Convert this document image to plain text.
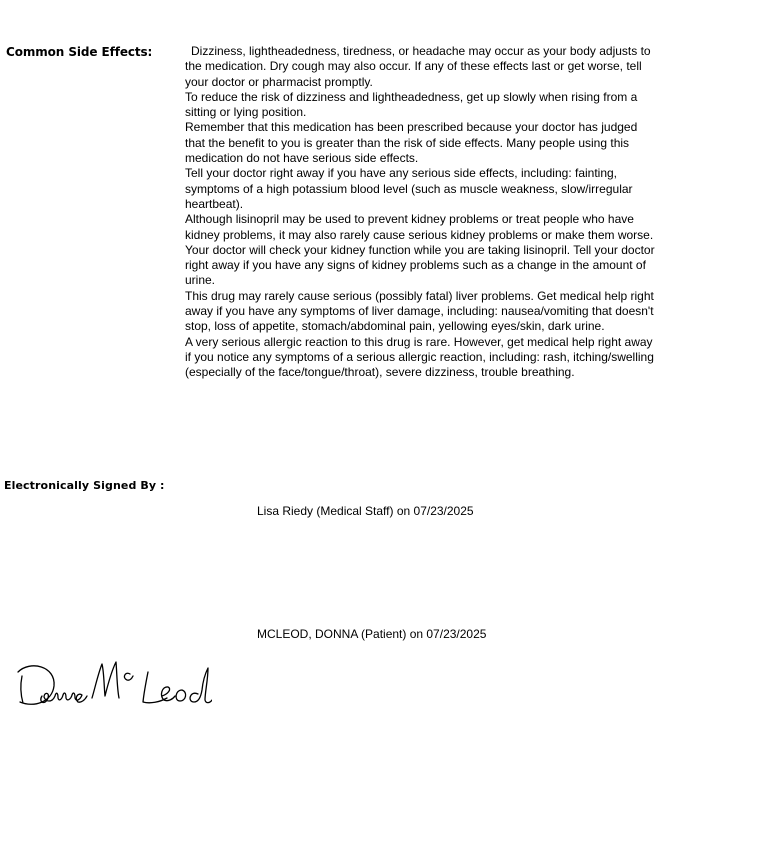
Common Side Effects:	Dizziness, lightheadedness, tiredness, or headache may occur as your body adjusts to the medication. Dry cough may also occur. If any of these effects last or get worse, tell your doctor or pharmacist promptly.

To reduce the risk of dizziness and lightheadedness, get up slowly when rising from a sitting or lying position.

Remember that this medication has been prescribed because your doctor has judged that the benefit to you is greater than the risk of side effects. Many people using this medication do not have serious side effects.

Tell your doctor right away if you have any serious side effects, including: fainting, symptoms of a high potassium blood level (such as muscle weakness, slow/irregular heartbeat).

Although lisinopril may be used to prevent kidney problems or treat people who have kidney problems, it may also rarely cause serious kidney problems or make them worse. Your doctor will check your kidney function while you are taking lisinopril. Tell your doctor right away if you have any signs of kidney problems such as a change in the amount of urine.

This drug may rarely cause serious (possibly fatal) liver problems. Get medical help right away if you have any symptoms of liver damage, including: nausea/vomiting that doesn't stop, loss of appetite, stomach/abdominal pain, yellowing eyes/skin, dark urine.

A very serious allergic reaction to this drug is rare. However, get medical help right away if you notice any symptoms of a serious allergic reaction, including: rash, itching/swelling (especially of the face/tongue/throat), severe dizziness, trouble breathing.

Electronically Signed By :
Lisa Riedy (Medical Staff) on 07/23/2025
MCLEOD, DONNA (Patient) on 07/23/2025
